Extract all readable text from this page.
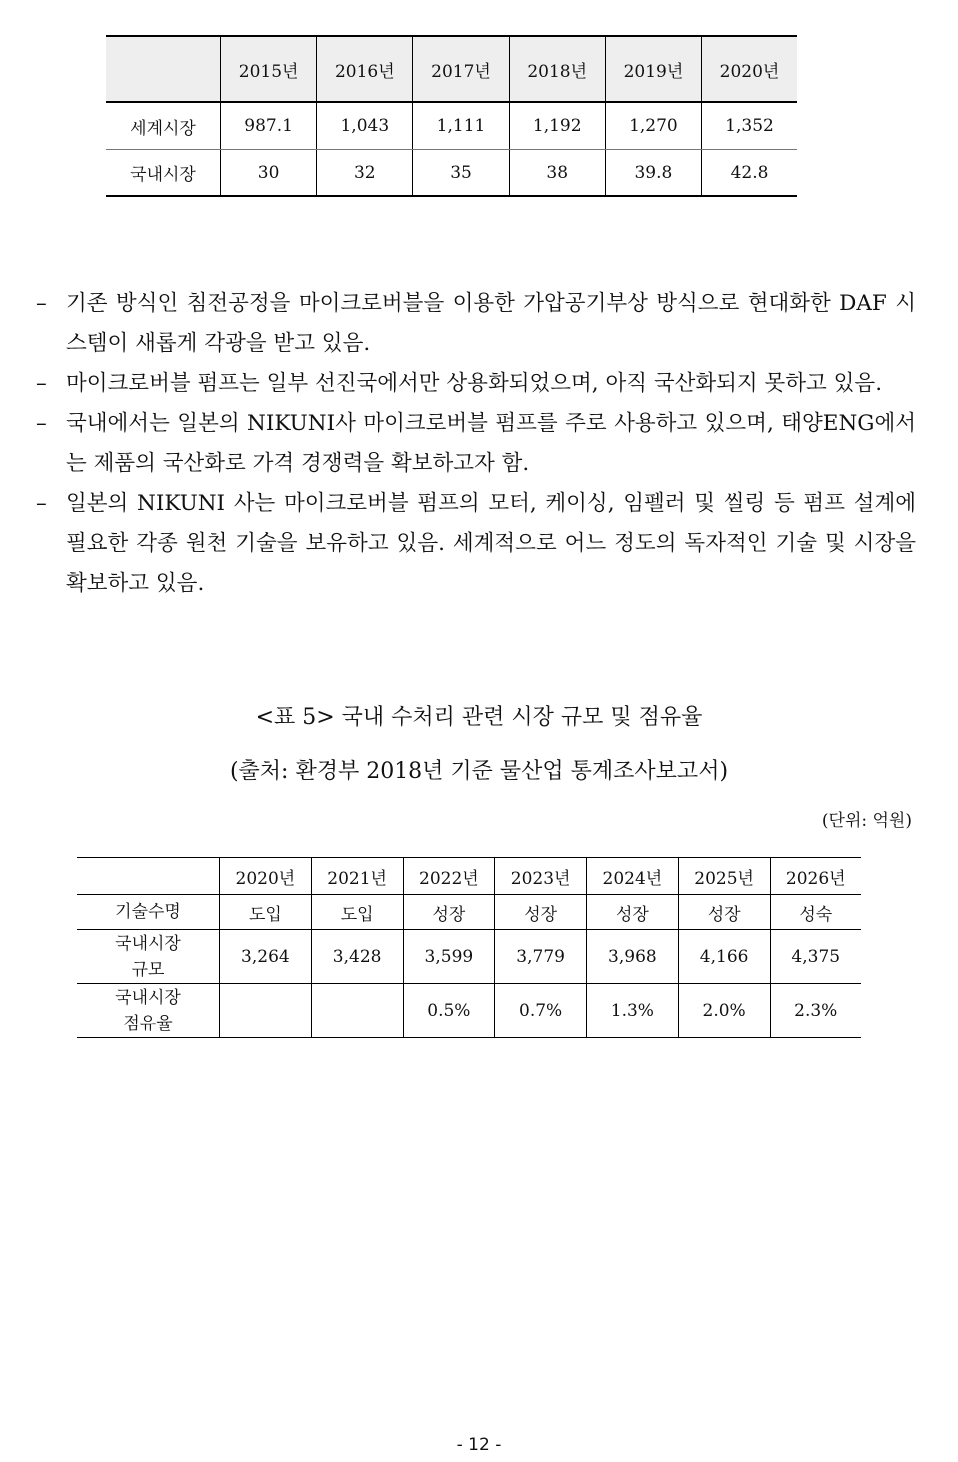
	2015년	2016년	2017년	2018년	2019년	2020년
세계시장	987.1	1,043	1,111	1,192	1,270	1,352
국내시장	30	32	35	38	39.8	42.8
– 기존 방식인 침전공정을 마이크로버블을 이용한 가압공기부상 방식으로 현대화한 DAF 시스템이 새롭게 각광을 받고 있음.
– 마이크로버블 펌프는 일부 선진국에서만 상용화되었으며, 아직 국산화되지 못하고 있음.
– 국내에서는 일본의 NIKUNI사 마이크로버블 펌프를 주로 사용하고 있으며, 태양ENG에서는 제품의 국산화로 가격 경쟁력을 확보하고자 함.
– 일본의 NIKUNI 사는 마이크로버블 펌프의 모터, 케이싱, 임펠러 및 씰링 등 펌프 설계에 필요한 각종 원천 기술을 보유하고 있음. 세계적으로 어느 정도의 독자적인 기술 및 시장을 확보하고 있음.
<표 5> 국내 수처리 관련 시장 규모 및 점유율
(출처: 환경부 2018년 기준 물산업 통계조사보고서)
(단위: 억원)
	2020년	2021년	2022년	2023년	2024년	2025년	2026년
기술수명	도입	도입	성장	성장	성장	성장	성숙

국내시장
규모	3,264	3,428	3,599	3,779	3,968	4,166	4,375

국내시장
점유율			0.5%	0.7%	1.3%	2.0%	2.3%
- 12 -
